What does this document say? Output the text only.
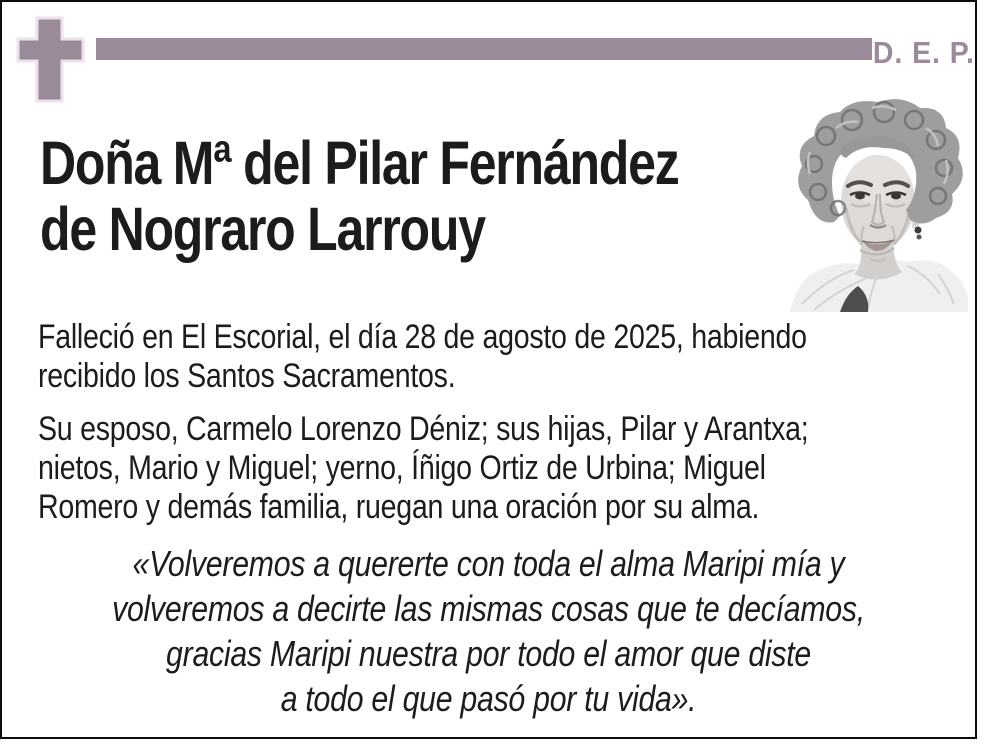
D. E. P.
Doña Mª del Pilar Fernández
de Nograro Larrouy
Falleció en El Escorial, el día 28 de agosto de 2025, habiendo
recibido los Santos Sacramentos.
Su esposo, Carmelo Lorenzo Déniz; sus hijas, Pilar y Arantxa;
nietos, Mario y Miguel; yerno, Íñigo Ortiz de Urbina; Miguel
Romero y demás familia, ruegan una oración por su alma.
«Volveremos a quererte con toda el alma Maripi mía y
volveremos a decirte las mismas cosas que te decíamos,
gracias Maripi nuestra por todo el amor que diste
a todo el que pasó por tu vida».
